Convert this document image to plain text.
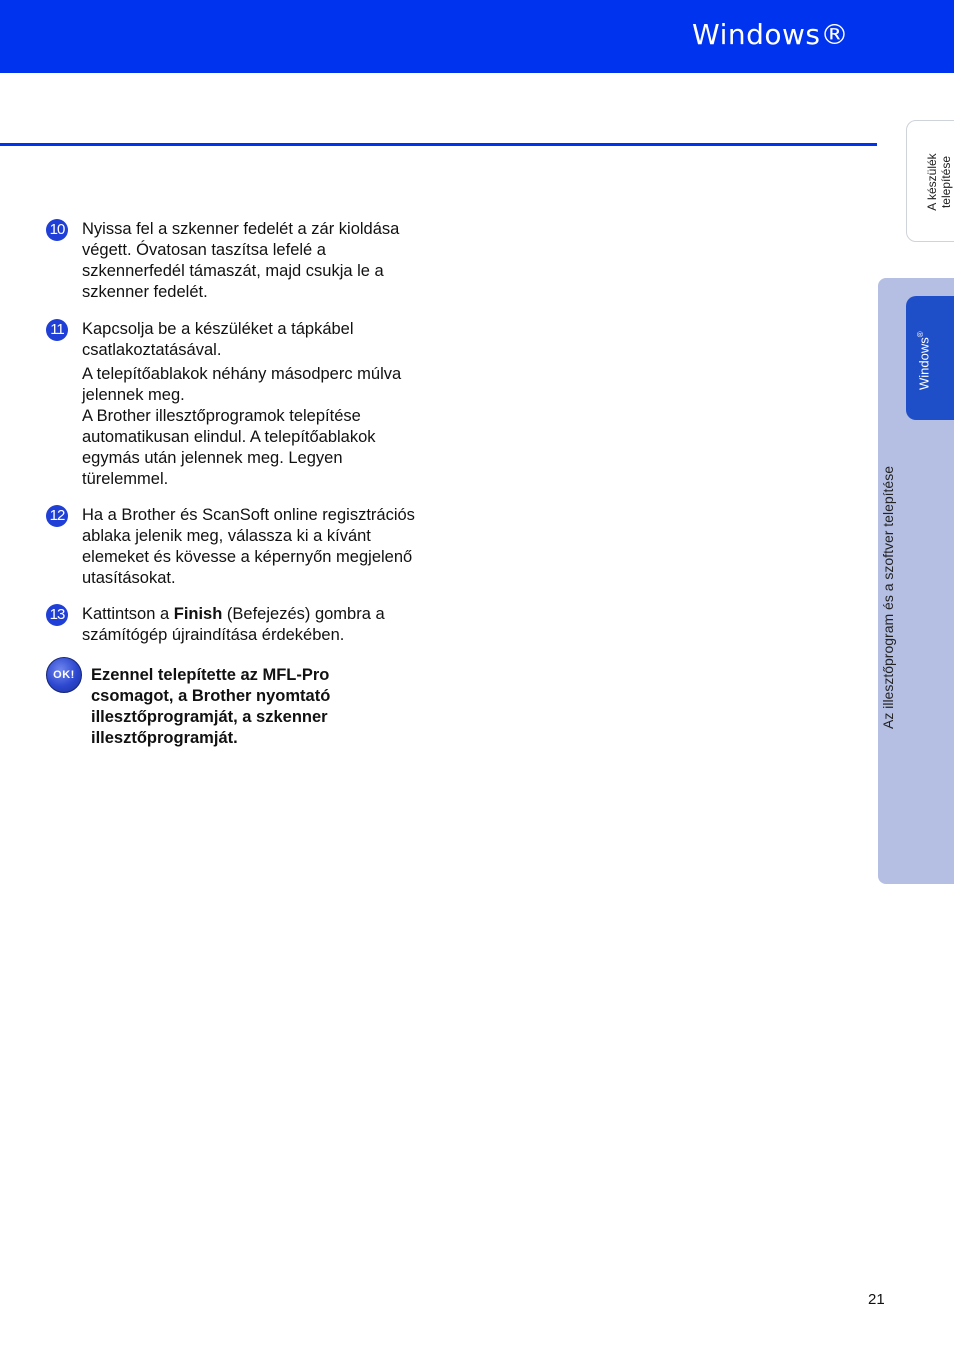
Windows®
A készülék telepítése
Az illesztőprogram és a szoftver telepítése
Windows®
10 Nyissa fel a szkenner fedelét a zár kioldása végett. Óvatosan taszítsa lefelé a szkennerfedél támaszát, majd csukja le a szkenner fedelét.

11 Kapcsolja be a készüléket a tápkábel csatlakoztatásával.

A telepítőablakok néhány másodperc múlva jelennek meg.

A Brother illesztőprogramok telepítése automatikusan elindul. A telepítőablakok egymás után jelennek meg. Legyen türelemmel.

12 Ha a Brother és ScanSoft online regisztrációs ablaka jelenik meg, válassza ki a kívánt elemeket és kövesse a képernyőn megjelenő utasításokat.

13 Kattintson a Finish (Befejezés) gombra a számítógép újraindítása érdekében.

OK! Ezennel telepítette az MFL-Pro csomagot, a Brother nyomtató illesztőprogramját, a szkenner illesztőprogramját.
21
